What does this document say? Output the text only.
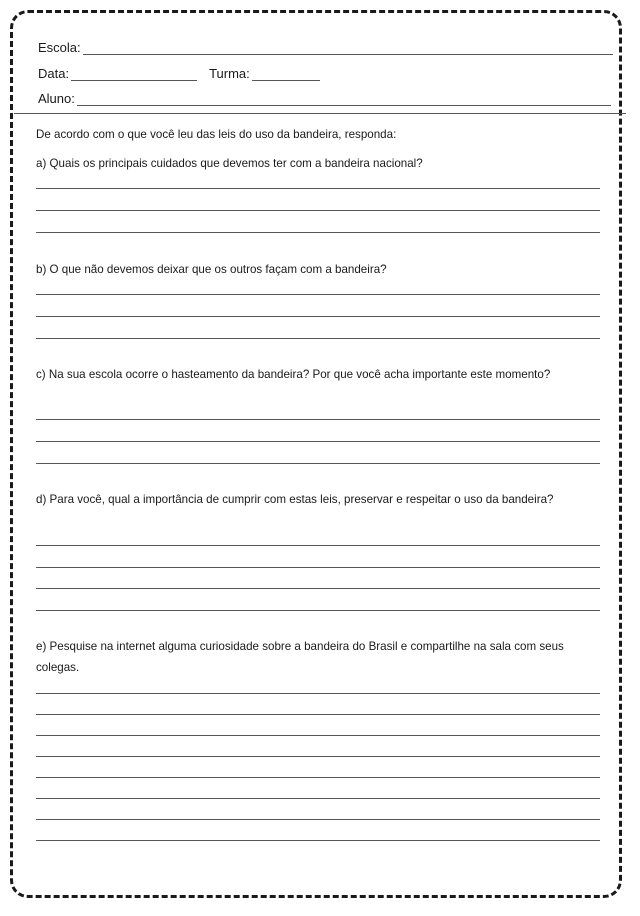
Escola:
Data:	Turma:
Aluno:
De acordo com o que você leu das leis do uso da bandeira, responda:
a) Quais os principais cuidados que devemos ter com a bandeira nacional?
b) O que não devemos deixar que os outros façam com a bandeira?
c) Na sua escola ocorre o hasteamento da bandeira? Por que você acha importante este momento?
d) Para você, qual a importância de cumprir com estas leis, preservar e respeitar o uso da bandeira?
e) Pesquise na internet alguma curiosidade sobre a bandeira do Brasil e compartilhe na sala com seus colegas.
